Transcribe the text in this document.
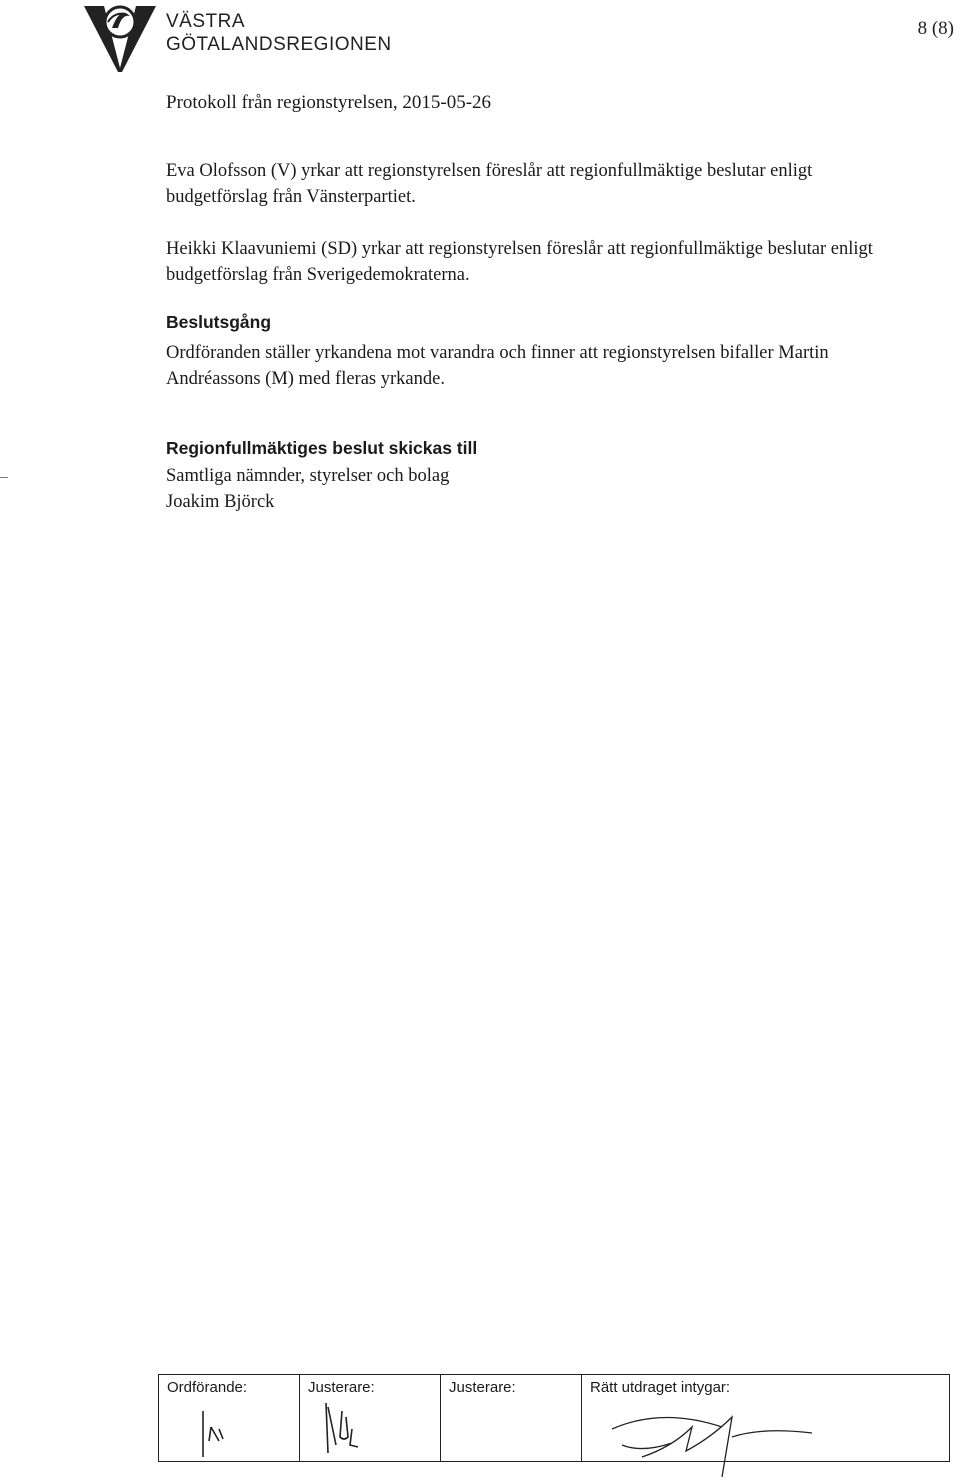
VÄSTRA
GÖTALANDSREGIONEN
8 (8)
Protokoll från regionstyrelsen, 2015-05-26

Eva Olofsson (V) yrkar att regionstyrelsen föreslår att regionfullmäktige beslutar enligt budgetförslag från Vänsterpartiet.

Heikki Klaavuniemi (SD) yrkar att regionstyrelsen föreslår att regionfullmäktige beslutar enligt budgetförslag från Sverigedemokraterna.

Beslutsgång

Ordföranden ställer yrkandena mot varandra och finner att regionstyrelsen bifaller Martin Andréassons (M) med fleras yrkande.

Regionfullmäktiges beslut skickas till
Samtliga nämnder, styrelser och bolag
Joakim Björck
Ordförande:	Justerare:	Justerare:	Rätt utdraget intygar:
